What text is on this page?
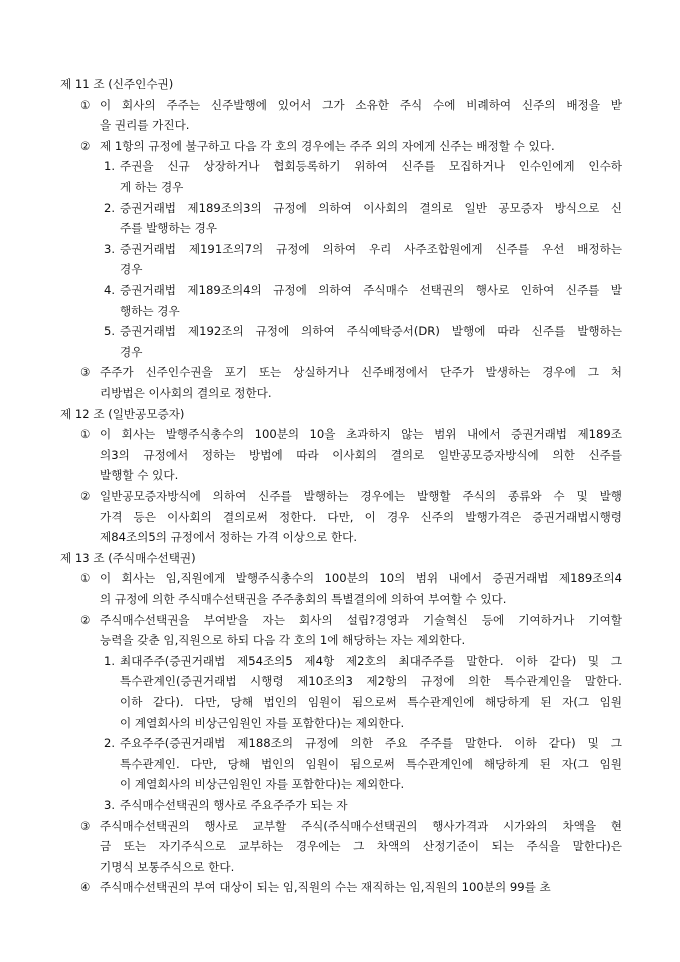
제 11 조 (신주인수권)
① 이 회사의 주주는 신주발행에 있어서 그가 소유한 주식 수에 비례하여 신주의 배정을 받
을 권리를 가진다.
② 제 1항의 규정에 불구하고 다음 각 호의 경우에는 주주 외의 자에게 신주는 배정할 수 있다.
1. 주권을 신규 상장하거나 협회등록하기 위하여 신주를 모집하거나 인수인에게 인수하
게 하는 경우
2. 증권거래법 제189조의3의 규정에 의하여 이사회의 결의로 일반 공모증자 방식으로 신
주를 발행하는 경우
3. 증권거래법 제191조의7의 규정에 의하여 우리 사주조합원에게 신주를 우선 배정하는
경우
4. 증권거래법 제189조의4의 규정에 의하여 주식매수 선택권의 행사로 인하여 신주를 발
행하는 경우
5. 증권거래법 제192조의 규정에 의하여 주식예탁증서(DR) 발행에 따라 신주를 발행하는
경우
③ 주주가 신주인수권을 포기 또는 상실하거나 신주배정에서 단주가 발생하는 경우에 그 처
리방법은 이사회의 결의로 정한다.
제 12 조 (일반공모증자)
① 이 회사는 발행주식총수의 100분의 10을 초과하지 않는 범위 내에서 증권거래법 제189조
의3의 규정에서 정하는 방법에 따라 이사회의 결의로 일반공모증자방식에 의한 신주를
발행할 수 있다.
② 일반공모증자방식에 의하여 신주를 발행하는 경우에는 발행할 주식의 종류와 수 및 발행
가격 등은 이사회의 결의로써 정한다. 다만, 이 경우 신주의 발행가격은 증권거래법시행령
제84조의5의 규정에서 정하는 가격 이상으로 한다.
제 13 조 (주식매수선택권)
① 이 회사는 임,직원에게 발행주식총수의 100분의 10의 범위 내에서 증권거래법 제189조의4
의 규정에 의한 주식매수선택권을 주주총회의 특별결의에 의하여 부여할 수 있다.
② 주식매수선택권을 부여받을 자는 회사의 설립?경영과 기술혁신 등에 기여하거나 기여할
능력을 갖춘 임,직원으로 하되 다음 각 호의 1에 해당하는 자는 제외한다.
1. 최대주주(증권거래법 제54조의5 제4항 제2호의 최대주주를 말한다. 이하 같다) 및 그
특수관계인(증권거래법 시행령 제10조의3 제2항의 규정에 의한 특수관계인을 말한다.
이하 같다). 다만, 당해 법인의 임원이 됨으로써 특수관계인에 해당하게 된 자(그 임원
이 계열회사의 비상근임원인 자를 포함한다)는 제외한다.
2. 주요주주(증권거래법 제188조의 규정에 의한 주요 주주를 말한다. 이하 같다) 및 그
특수관계인. 다만, 당해 법인의 임원이 됨으로써 특수관계인에 해당하게 된 자(그 임원
이 계열회사의 비상근임원인 자를 포함한다)는 제외한다.
3. 주식매수선택권의 행사로 주요주주가 되는 자
③ 주식매수선택권의 행사로 교부할 주식(주식매수선택권의 행사가격과 시가와의 차액을 현
금 또는 자기주식으로 교부하는 경우에는 그 차액의 산정기준이 되는 주식을 말한다)은
기명식 보통주식으로 한다.
④ 주식매수선택권의 부여 대상이 되는 임,직원의 수는 재직하는 임,직원의 100분의 99를 초
